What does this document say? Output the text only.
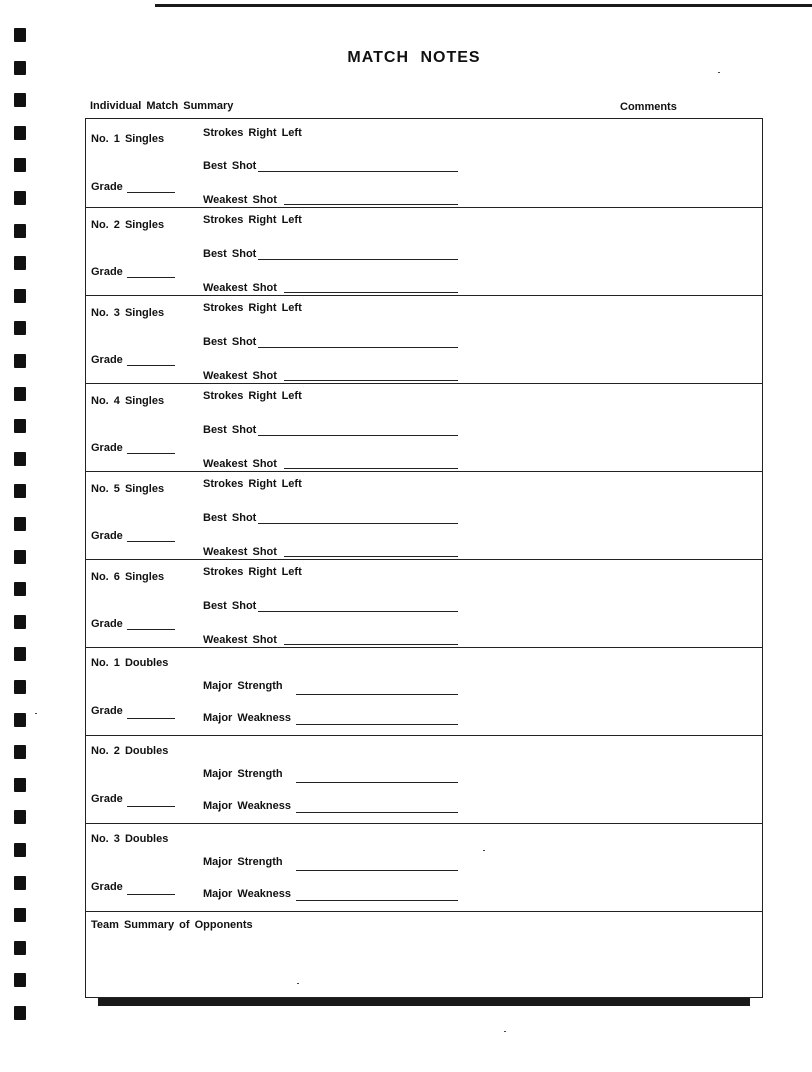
MATCH NOTES
Individual Match Summary	Comments
No. 1 Singles	Strokes Right Left
Best Shot
Grade
Weakest Shot
No. 2 Singles	Strokes Right Left
Best Shot
Grade
Weakest Shot
No. 3 Singles	Strokes Right Left
Best Shot
Grade
Weakest Shot
No. 4 Singles	Strokes Right Left
Best Shot
Grade
Weakest Shot
No. 5 Singles	Strokes Right Left
Best Shot
Grade
Weakest Shot
No. 6 Singles	Strokes Right Left
Best Shot
Grade
Weakest Shot
No. 1 Doubles
Major Strength
Grade
Major Weakness
No. 2 Doubles
Major Strength
Grade
Major Weakness
No. 3 Doubles
Major Strength
Grade
Major Weakness
Team Summary of Opponents
